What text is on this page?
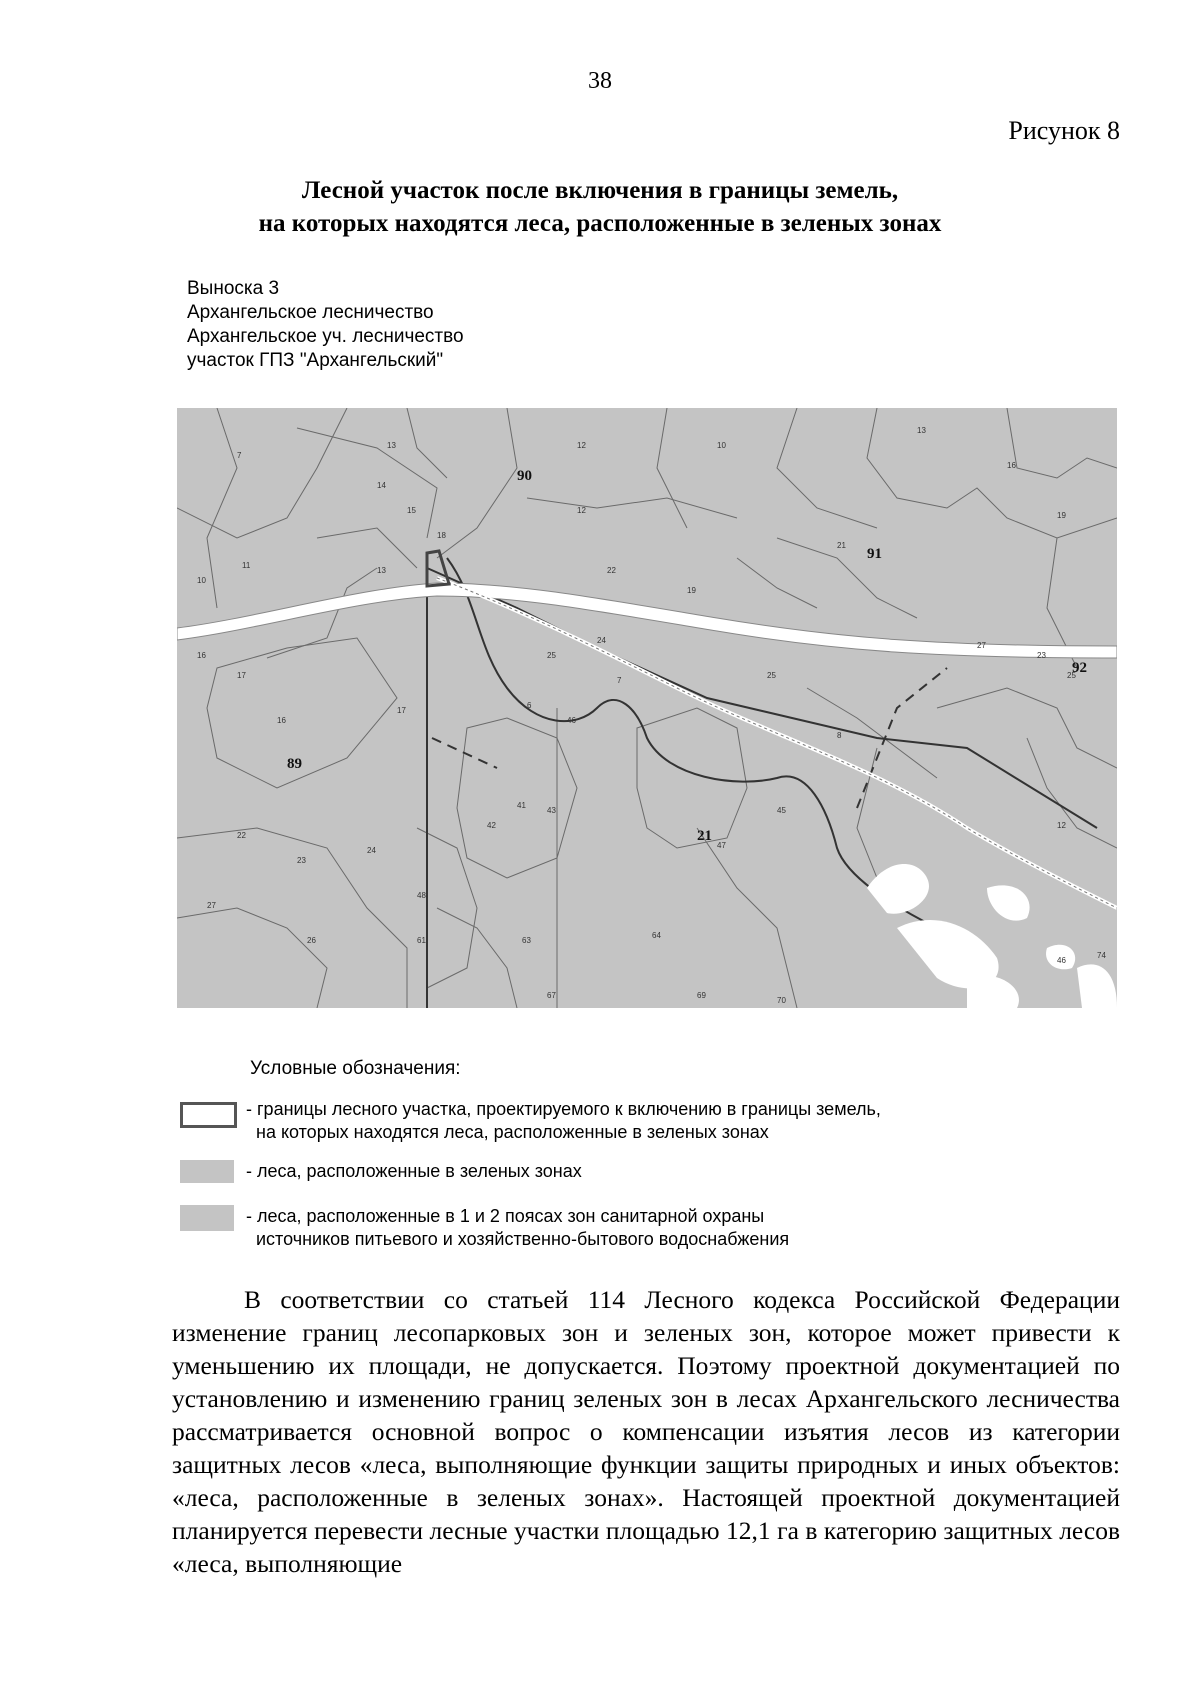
38
Рисунок 8
Лесной участок после включения в границы земель,
на которых находятся леса, расположенные в зеленых зонах
Выноска 3
Архангельское лесничество
Архангельское уч. лесничество
участок ГПЗ "Архангельский"
7
13	12
14
15
18
12
10
13
16
19
21
10
11
13	22
19
24
25
25
16
17
16
17
7
6
46
42
41
43
47
45
8
27
23
25
22
23
24
27
26
48
61	63
64
67	69
70
12
74
46
90
91
92
89
21
Условные обозначения:
- границы лесного участка, проектируемого к включению в границы земель,
на которых находятся леса, расположенные в зеленых зонах
- леса, расположенные в зеленых зонах
- леса, расположенные в 1 и 2 поясах зон санитарной охраны
источников питьевого и хозяйственно-бытового водоснабжения
В соответствии со статьей 114 Лесного кодекса Российской Федерации изменение границ лесопарковых зон и зеленых зон, которое может привести к уменьшению их площади, не допускается. Поэтому проектной документацией по установлению и изменению границ зеленых зон в лесах Архангельского лесничества рассматривается основной вопрос о компенсации изъятия лесов из категории защитных лесов «леса, выполняющие функции защиты природных и иных объектов: «леса, расположенные в зеленых зонах». Настоящей проектной документацией планируется перевести лесные участки площадью 12,1 га в категорию защитных лесов «леса, выполняющие
